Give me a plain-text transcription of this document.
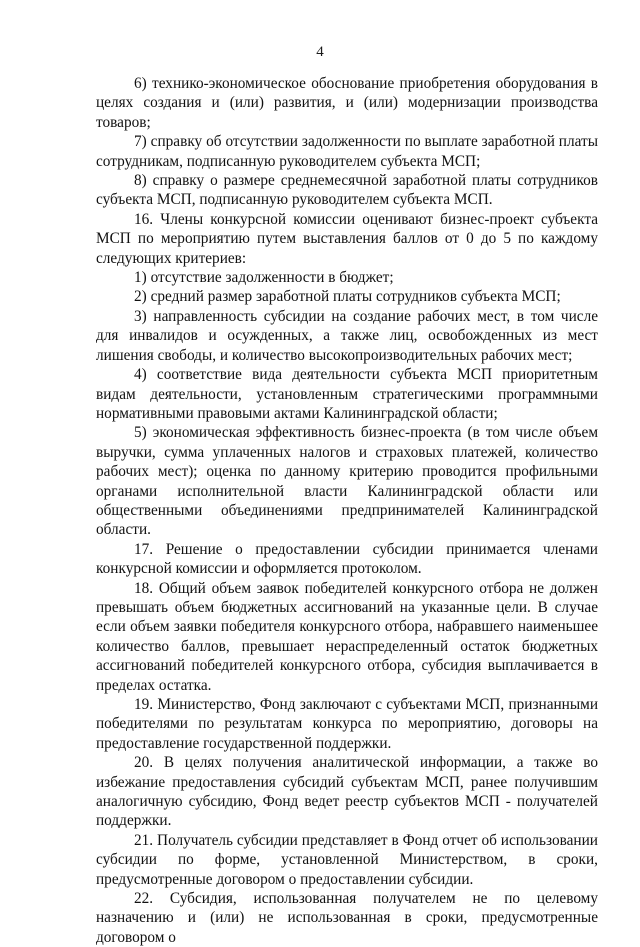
4

6) технико-экономическое обоснование приобретения оборудования в целях создания и (или) развития, и (или) модернизации производства товаров;

7) справку об отсутствии задолженности по выплате заработной платы сотрудникам, подписанную руководителем субъекта МСП;

8) справку о размере среднемесячной заработной платы сотрудников субъекта МСП, подписанную руководителем субъекта МСП.

16. Члены конкурсной комиссии оценивают бизнес-проект субъекта МСП по мероприятию путем выставления баллов от 0 до 5 по каждому следующих критериев:

1) отсутствие задолженности в бюджет;

2) средний размер заработной платы сотрудников субъекта МСП;

3) направленность субсидии на создание рабочих мест, в том числе для инвалидов и осужденных, а также лиц, освобожденных из мест лишения свободы, и количество высокопроизводительных рабочих мест;

4) соответствие вида деятельности субъекта МСП приоритетным видам деятельности, установленным стратегическими программными нормативными правовыми актами Калининградской области;

5) экономическая эффективность бизнес-проекта (в том числе объем выручки, сумма уплаченных налогов и страховых платежей, количество рабочих мест); оценка по данному критерию проводится профильными органами исполнительной власти Калининградской области или общественными объединениями предпринимателей Калининградской области.

17. Решение о предоставлении субсидии принимается членами конкурсной комиссии и оформляется протоколом.

18. Общий объем заявок победителей конкурсного отбора не должен превышать объем бюджетных ассигнований на указанные цели. В случае если объем заявки победителя конкурсного отбора, набравшего наименьшее количество баллов, превышает нераспределенный остаток бюджетных ассигнований победителей конкурсного отбора, субсидия выплачивается в пределах остатка.

19. Министерство, Фонд заключают с субъектами МСП, признанными победителями по результатам конкурса по мероприятию, договоры на предоставление государственной поддержки.

20. В целях получения аналитической информации, а также во избежание предоставления субсидий субъектам МСП, ранее получившим аналогичную субсидию, Фонд ведет реестр субъектов МСП - получателей поддержки.

21. Получатель субсидии представляет в Фонд отчет об использовании субсидии по форме, установленной Министерством, в сроки, предусмотренные договором о предоставлении субсидии.

22. Субсидия, использованная получателем не по целевому назначению и (или) не использованная в сроки, предусмотренные договором о
